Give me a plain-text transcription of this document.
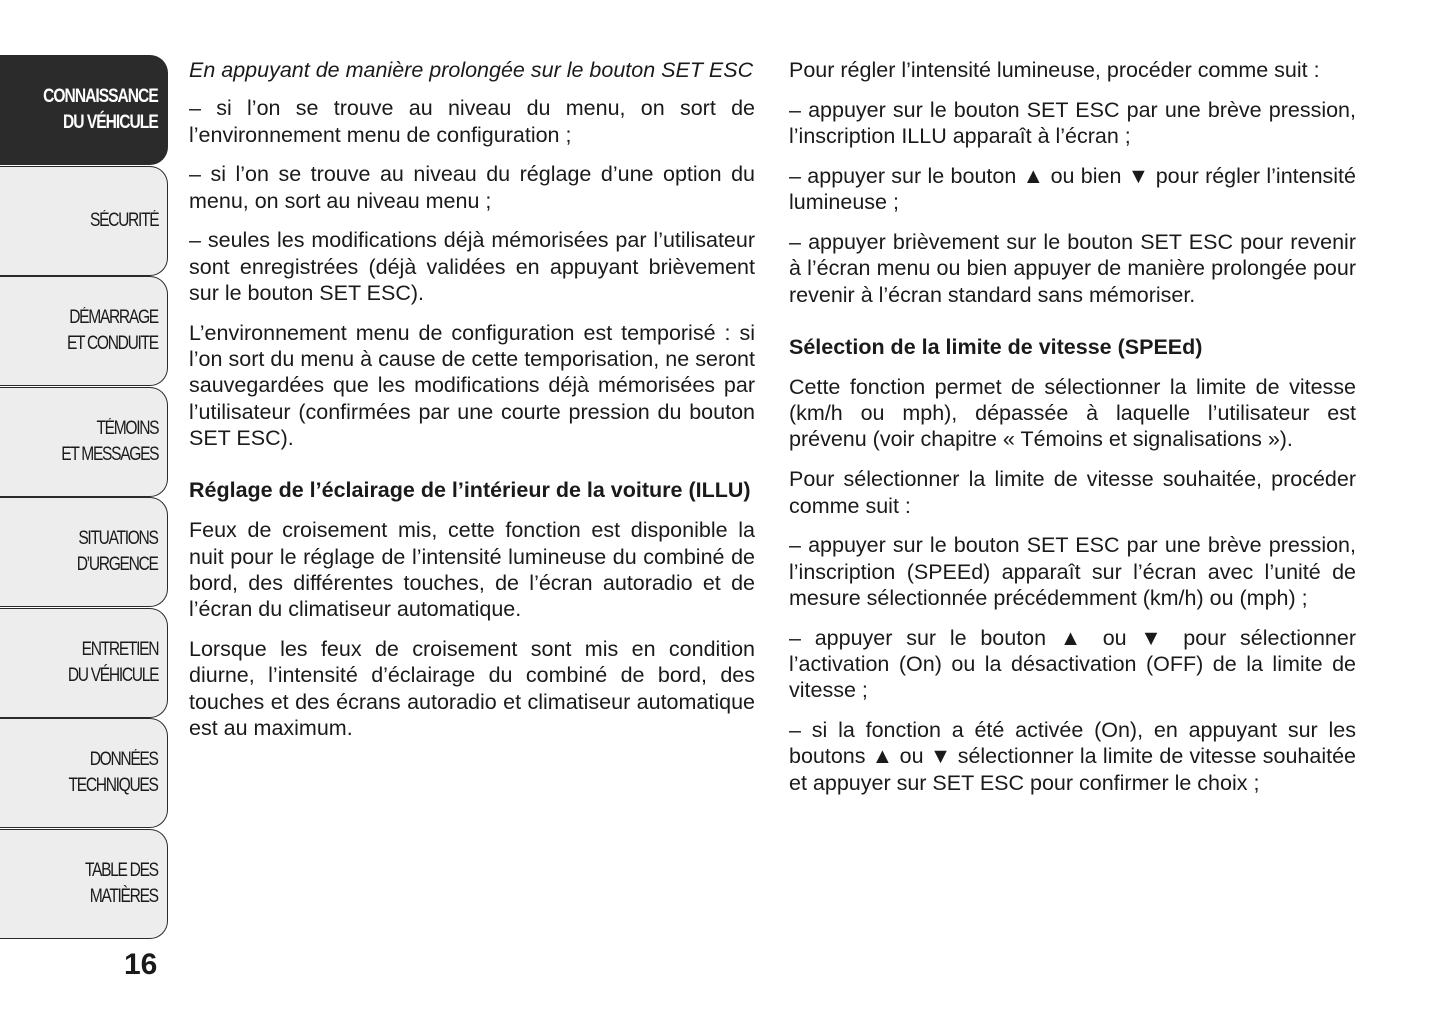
CONNAISSANCE
DU VÉHICULE
SÉCURITÉ
DÉMARRAGE
ET CONDUITE
TÉMOINS
ET MESSAGES
SITUATIONS
D’URGENCE
ENTRETIEN
DU VÉHICULE
DONNÉES
TECHNIQUES
TABLE DES
MATIÈRES
16

En appuyant de manière prolongée sur le bouton SET ESC

– si l’on se trouve au niveau du menu, on sort de l’environnement menu de configuration ;

– si l’on se trouve au niveau du réglage d’une option du menu, on sort au niveau menu ;

– seules les modifications déjà mémorisées par l’utilisateur sont enregistrées (déjà validées en appuyant brièvement sur le bouton SET ESC).

L’environnement menu de configuration est temporisé : si l’on sort du menu à cause de cette temporisation, ne seront sauvegardées que les modifications déjà mémorisées par l’utilisateur (confirmées par une courte pression du bouton SET ESC).

Réglage de l’éclairage de l’intérieur de la voiture (ILLU)

Feux de croisement mis, cette fonction est disponible la nuit pour le réglage de l’intensité lumineuse du combiné de bord, des différentes touches, de l’écran autoradio et de l’écran du climatiseur automatique.

Lorsque les feux de croisement sont mis en condition diurne, l’intensité d’éclairage du combiné de bord, des touches et des écrans autoradio et climatiseur automatique est au maximum.

Pour régler l’intensité lumineuse, procéder comme suit :

– appuyer sur le bouton SET ESC par une brève pression, l’inscription ILLU apparaît à l’écran ;

– appuyer sur le bouton ▲ ou bien ▼ pour régler l’intensité lumineuse ;

– appuyer brièvement sur le bouton SET ESC pour revenir à l’écran menu ou bien appuyer de manière prolongée pour revenir à l’écran standard sans mémoriser.

Sélection de la limite de vitesse (SPEEd)

Cette fonction permet de sélectionner la limite de vitesse (km/h ou mph), dépassée à laquelle l’utilisateur est prévenu (voir chapitre « Témoins et signalisations »).

Pour sélectionner la limite de vitesse souhaitée, procéder comme suit :

– appuyer sur le bouton SET ESC par une brève pression, l’inscription (SPEEd) apparaît sur l’écran avec l’unité de mesure sélectionnée précédemment (km/h) ou (mph) ;

– appuyer sur le bouton ▲ ou ▼ pour sélectionner l’activation (On) ou la désactivation (OFF) de la limite de vitesse ;

– si la fonction a été activée (On), en appuyant sur les boutons ▲ ou ▼ sélectionner la limite de vitesse souhaitée et appuyer sur SET ESC pour confirmer le choix ;
